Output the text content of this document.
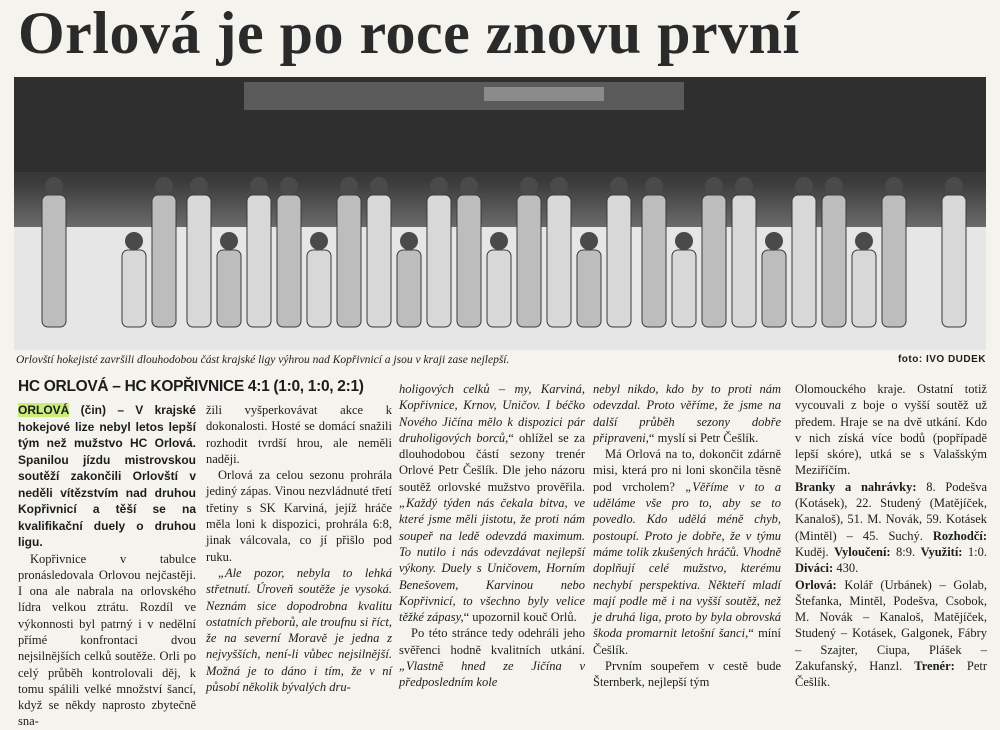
Orlová je po roce znovu první
Orlovští hokejisté završili dlouhodobou část krajské ligy výhrou nad Kopřivnicí a jsou v kraji zase nejlepší.	foto: IVO DUDEK
HC ORLOVÁ – HC KOPŘIVNICE 4:1 (1:0, 1:0, 2:1)

ORLOVÁ (čin) – V krajské hokejové lize nebyl letos lepší tým než mužstvo HC Orlová. Spanilou jízdu mistrovskou soutěží zakončili Orlovští v neděli vítězstvím nad druhou Kopřivnicí a těší se na kvalifikační duely o druhou ligu.

Kopřivnice v tabulce pronásledovala Orlovou nejčastěji. I ona ale nabrala na orlovského lídra velkou ztrátu. Rozdíl ve výkonnosti byl patrný i v nedělní přímé konfrontaci dvou nejsilnějších celků soutěže. Orli po celý průběh kontrolovali děj, k tomu spálili velké množství šancí, když se někdy naprosto zbytečně sna-

žili vyšperkovávat akce k dokonalosti. Hosté se domácí snažili rozhodit tvrdší hrou, ale neměli naději.

Orlová za celou sezonu prohrála jediný zápas. Vinou nezvládnuté třetí třetiny s SK Karviná, jejíž hráče měla loni k dispozici, prohrála 6:8, jinak válcovala, co jí přišlo pod ruku.

„Ale pozor, nebyla to lehká střetnutí. Úroveň soutěže je vysoká. Neznám sice dopodrobna kvalitu ostatních přeborů, ale troufnu si říct, že na severní Moravě je jedna z nejvyšších, není-li vůbec nejsilnější. Možná je to dáno i tím, že v ní působí několik bývalých dru-

holigových celků – my, Karviná, Kopřivnice, Krnov, Uničov. I béčko Nového Jičína mělo k dispozici pár druholigových borců,“ ohlížel se za dlouhodobou částí sezony trenér Orlové Petr Češlík. Dle jeho názoru soutěž orlovské mužstvo prověřila. „Každý týden nás čekala bitva, ve které jsme měli jistotu, že proti nám soupeř na ledě odevzdá maximum. To nutilo i nás odevzdávat nejlepší výkony. Duely s Uničovem, Horním Benešovem, Karvinou nebo Kopřivnicí, to všechno byly velice těžké zápasy,“ upozornil kouč Orlů.

Po této stránce tedy odehráli jeho svěřenci hodně kvalitních utkání. „Vlastně hned ze Jičína v předposledním kole

nebyl nikdo, kdo by to proti nám odevzdal. Proto věříme, že jsme na další průběh sezony dobře připraveni,“ myslí si Petr Češlík.

Má Orlová na to, dokončit zdárně misi, která pro ni loni skončila těsně pod vrcholem? „Věříme v to a uděláme vše pro to, aby se to povedlo. Kdo udělá méně chyb, postoupí. Proto je dobře, že v týmu máme tolik zkušených hráčů. Vhodně doplňují celé mužstvo, kterému nechybí perspektiva. Někteří mladí mají podle mě i na vyšší soutěž, než je druhá liga, proto by byla obrovská škoda promarnit letošní šanci,“ míní Češlík.

Prvním soupeřem v cestě bude Šternberk, nejlepší tým

Olomouckého kraje. Ostatní totiž vycouvali z boje o vyšší soutěž už předem. Hraje se na dvě utkání. Kdo v nich získá více bodů (popřípadě lepší skóre), utká se s Valašským Meziříčím.

Branky a nahrávky: 8. Podešva (Kotásek), 22. Studený (Matějíček, Kanaloš), 51. M. Novák, 59. Kotásek (Mintěl) – 45. Suchý. Rozhodčí: Kuděj. Vyloučení: 8:9. Využití: 1:0. Diváci: 430.

Orlová: Kolář (Urbánek) – Golab, Štefanka, Mintěl, Podešva, Csobok, M. Novák – Kanaloš, Matějíček, Studený – Kotásek, Galgonek, Fábry – Szajter, Ciupa, Plášek – Zakufanský, Hanzl. Trenér: Petr Češlík.
